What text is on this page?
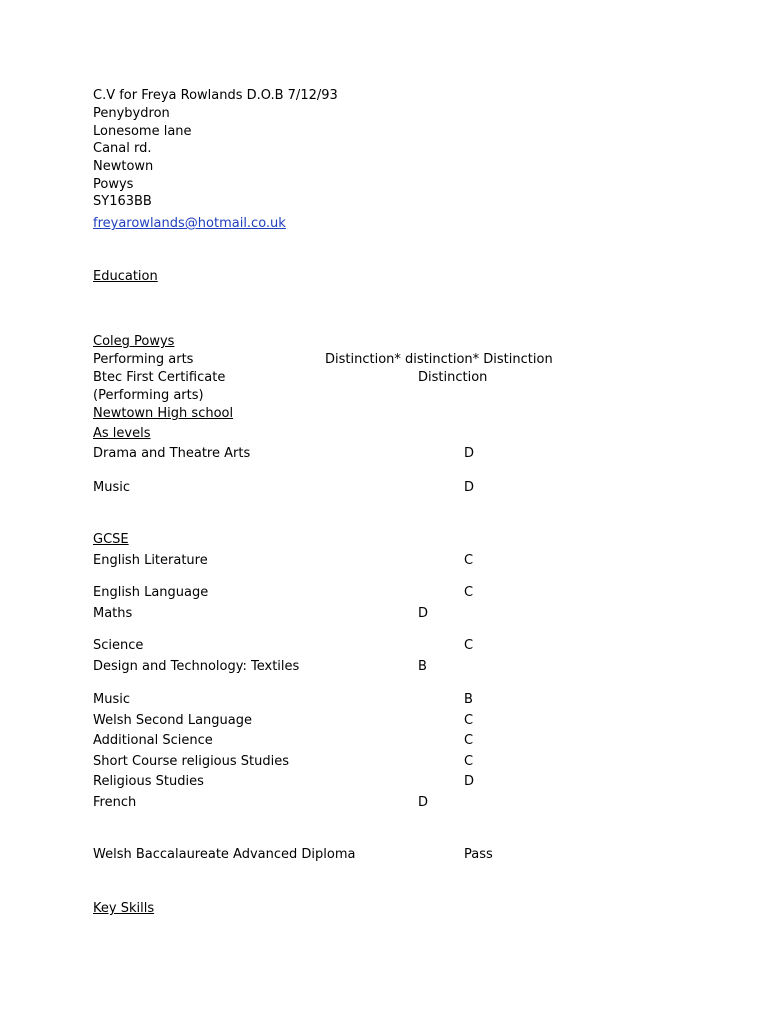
C.V for Freya Rowlands D.O.B 7/12/93
Penybydron
Lonesome lane
Canal rd.
Newtown
Powys
SY163BB
freyarowlands@hotmail.co.uk
Education
Coleg Powys
Performing arts	Distinction* distinction* Distinction
Btec First Certificate	Distinction
(Performing arts)
Newtown High school
As levels
Drama and Theatre Arts	D
Music	D
GCSE
English Literature	C
English Language	C
Maths	D
Science	C
Design and Technology: Textiles	B
Music	B
Welsh Second Language	C
Additional Science	C
Short Course religious Studies	C
Religious Studies	D
French	D
Welsh Baccalaureate Advanced Diploma	Pass
Key Skills
